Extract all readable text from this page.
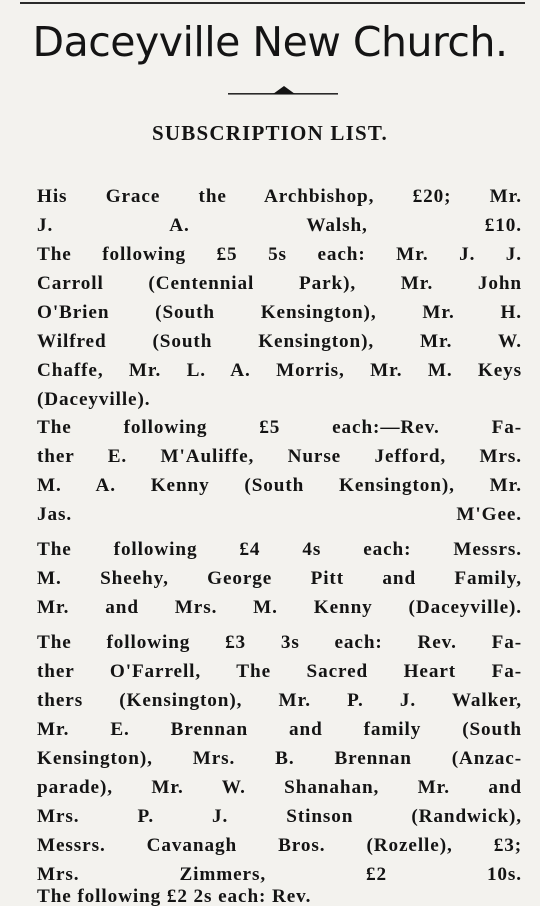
Daceyville New Church.
SUBSCRIPTION LIST.

His Grace the Archbishop, £20; Mr.
J. A. Walsh, £10.

The following £5 5s each: Mr. J. J.
Carroll (Centennial Park), Mr. John
O'Brien (South Kensington), Mr. H.
Wilfred (South Kensington), Mr. W.
Chaffe, Mr. L. A. Morris, Mr. M. Keys
(Daceyville).

The following £5 each:—Rev. Fa-
ther E. M'Auliffe, Nurse Jefford, Mrs.
M. A. Kenny (South Kensington), Mr.
Jas. M'Gee.

The following £4 4s each: Messrs.
M. Sheehy, George Pitt and Family,
Mr. and Mrs. M. Kenny (Daceyville).

The following £3 3s each: Rev. Fa-
ther O'Farrell, The Sacred Heart Fa-
thers (Kensington), Mr. P. J. Walker,
Mr. E. Brennan and family (South
Kensington), Mrs. B. Brennan (Anzac-
parade), Mr. W. Shanahan, Mr. and
Mrs. P. J. Stinson (Randwick),
Messrs. Cavanagh Bros. (Rozelle), £3;
Mrs. Zimmers, £2 10s.

The following £2 2s each: Rev.
